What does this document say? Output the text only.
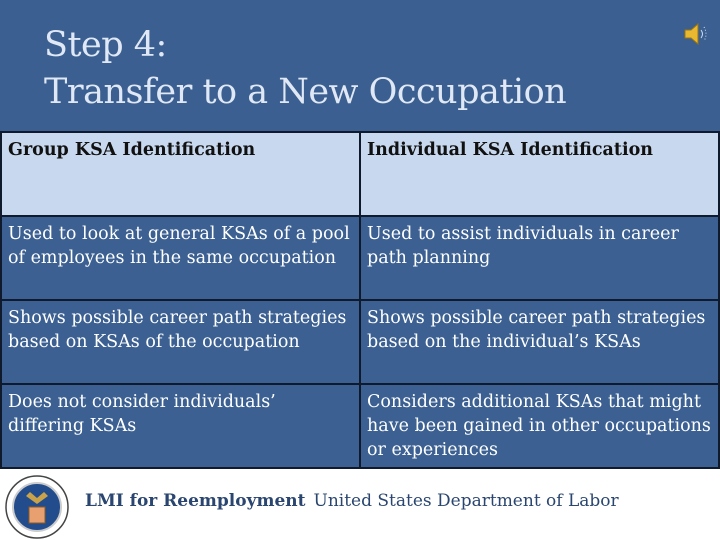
Step 4:
Transfer to a New Occupation
Group KSA Identification	Individual KSA Identification
Used to look at general KSAs of a pool of employees in the same occupation	Used to assist individuals in career path planning
Shows possible career path strategies based on KSAs of the occupation	Shows possible career path strategies based on the individual’s KSAs
Does not consider individuals’ differing KSAs	Considers additional KSAs that might have been gained in other occupations or experiences
LMI for Reemployment United States Department of Labor
